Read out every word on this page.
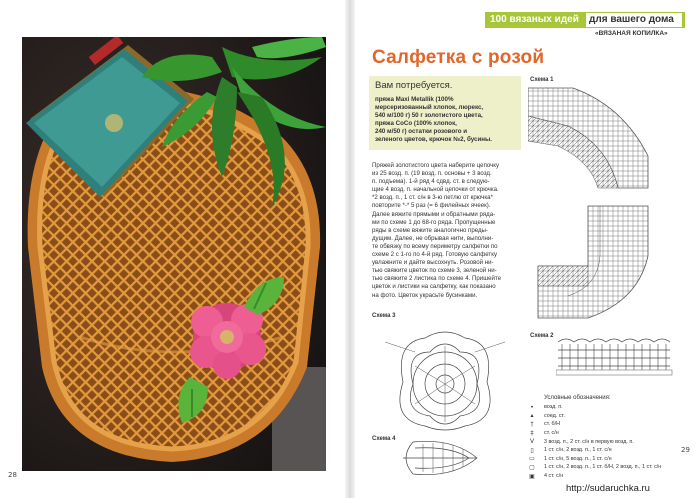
28
100 вязаных идей	для вашего дома
«ВЯЗАНАЯ КОПИЛКА»
Салфетка с розой
Вам потребуется.
пряжа Maxi Metallik (100%
мерсеризованный хлопок, люрекс,
540 м/100 г) 50 г золотистого цвета,
пряжа CoCo (100% хлопок,
240 м/50 г) остатки розового и
зеленого цветов, крючок №2, бусины.
Пряжей золотистого цвета наберите цепочку
из 25 возд. п. (19 возд. п. основы + 3 возд.
п. подъема). 1-й ряд 4 сдвд. ст. в следую-
щие 4 возд. п. начальной цепочки от крючка.
*2 возд. п., 1 ст. с/н в 3-ю петлю от крючка*
повторите *-* 5 раз (= 6 филейных ячеек).
Далее вяжите прямыми и обратными ряда-
ми по схеме 1 до 68-го ряда. Пропущенные
ряды в схеме вяжите аналогично преды-
дущим. Далее, не обрывая нити, выполни-
те обвязку по всему периметру салфетки по
схеме 2 с 1-го по 4-й ряд. Готовую салфетку
увлажните и дайте высохнуть. Розовой ни-
тью свяжите цветок по схеме 3, зеленой ни-
тью свяжите 2 листика по схеме 4. Пришейте
цветок и листики на салфетку, как показано
на фото. Цветок украсьте бусинками.
Схема 1
Схема 2
Схема 3
Схема 4
Условные обозначения:
•	возд. п.
▴	соед. ст.
†	ст. б/Н
‡	ст. с/н
Ⅴ	3 возд. п., 2 ст. с/н в первую возд. п.
▯	1 ст. с/н, 2 возд. п., 1 ст. с/н
▭	1 ст. с/н, 5 возд. п., 1 ст. с/н
▢	1 ст. с/н, 2 возд. п., 1 ст. б/Н, 2 возд. п., 1 ст. с/н
▣	4 ст. с/н
29
http://sudaruchka.ru
